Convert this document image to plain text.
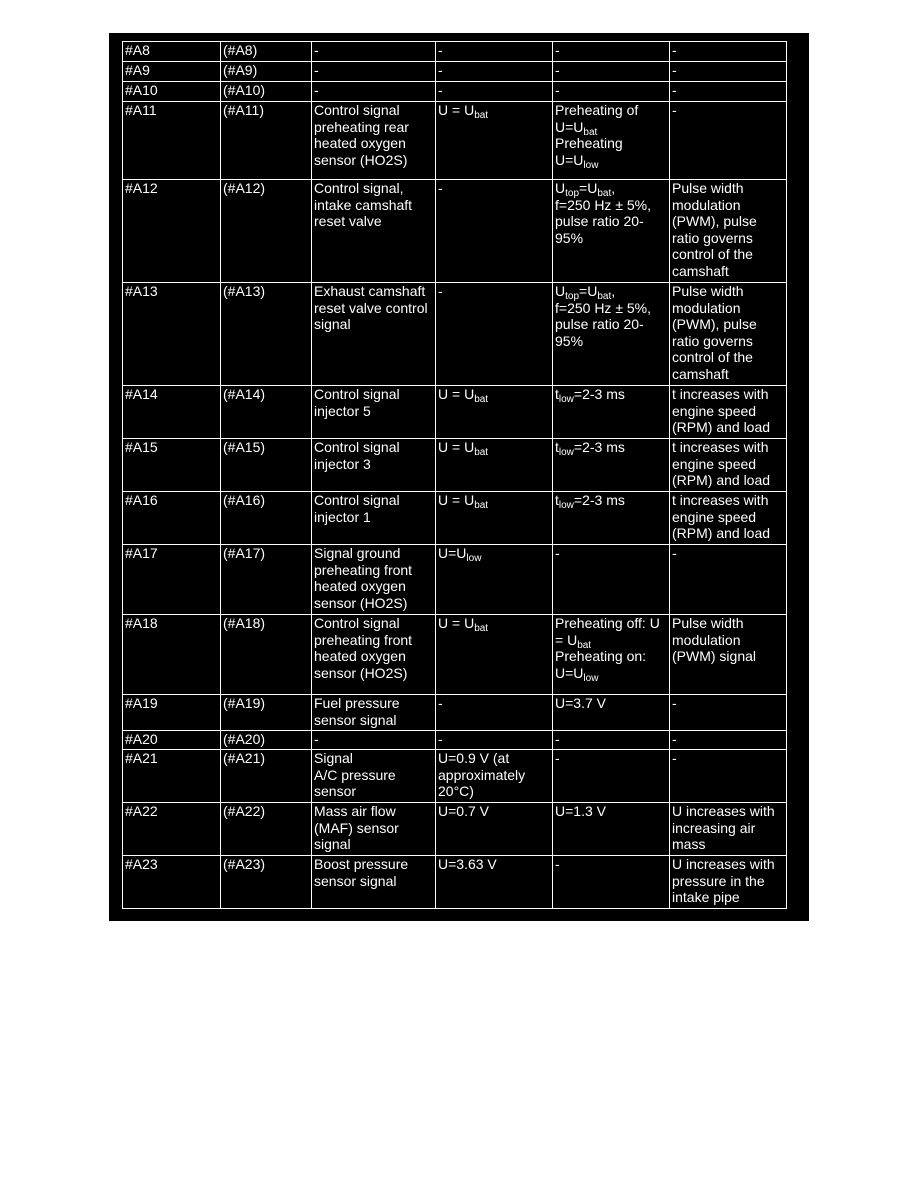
#A8	(#A8)	-	-	-	-
#A9	(#A9)	-	-	-	-
#A10	(#A10)	-	-	-	-
#A11	(#A11)	Control signal preheating rear heated oxygen sensor (HO2S)	$U = U_{bat}$	Preheating of $U=U_{bat}$
Preheating $U=U_{low}$	-
#A12	(#A12)	Control signal, intake camshaft reset valve	-	$U_{top}=U_{bat}$,
f=250 Hz ± 5%, pulse ratio 20-95%	Pulse width modulation (PWM), pulse ratio governs control of the camshaft
#A13	(#A13)	Exhaust camshaft reset valve control signal	-	$U_{top}=U_{bat}$,
f=250 Hz ± 5%, pulse ratio 20-95%	Pulse width modulation (PWM), pulse ratio governs control of the camshaft
#A14	(#A14)	Control signal injector 5	$U = U_{bat}$	$t_{low}=2-3$ ms	t increases with engine speed (RPM) and load
#A15	(#A15)	Control signal injector 3	$U = U_{bat}$	$t_{low}=2-3$ ms	t increases with engine speed (RPM) and load
#A16	(#A16)	Control signal injector 1	$U = U_{bat}$	$t_{low}=2-3$ ms	t increases with engine speed (RPM) and load
#A17	(#A17)	Signal ground preheating front heated oxygen sensor (HO2S)	$U=U_{low}$	-	-
#A18	(#A18)	Control signal preheating front heated oxygen sensor (HO2S)	$U = U_{bat}$	Preheating off: $U = U_{bat}$
Preheating on: $U=U_{low}$	Pulse width modulation (PWM) signal
#A19	(#A19)	Fuel pressure sensor signal	-	U=3.7 V	-
#A20	(#A20)	-	-	-	-
#A21	(#A21)	Signal
A/C pressure sensor	U=0.9 V (at approximately 20°C)	-	-
#A22	(#A22)	Mass air flow (MAF) sensor signal	U=0.7 V	U=1.3 V	U increases with increasing air mass
#A23	(#A23)	Boost pressure sensor signal	U=3.63 V	-	U increases with pressure in the intake pipe
